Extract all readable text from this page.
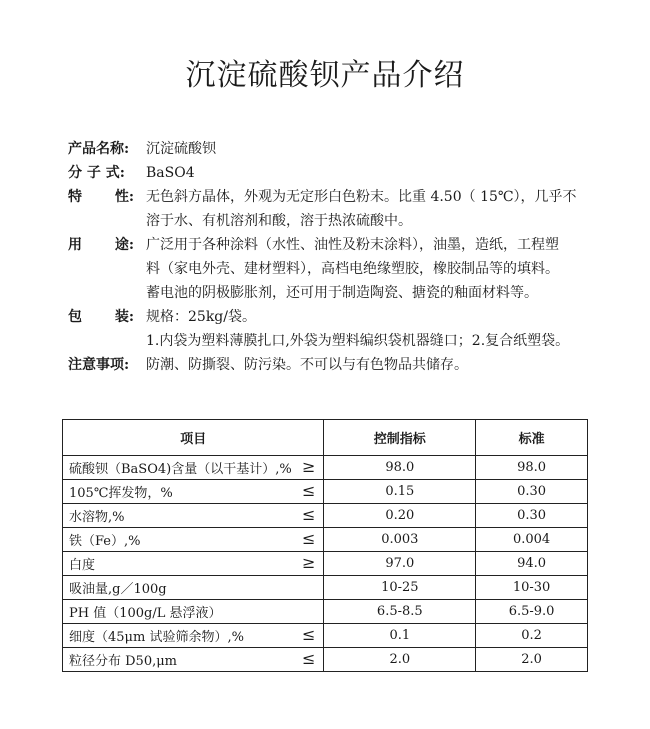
沉淀硫酸钡产品介绍
产品名称:	沉淀硫酸钡
分 子 式:	BaSO4
特 性: 无色斜方晶体，外观为无定形白色粉末。比重 4.50（ 15℃），几乎不
溶于水、有机溶剂和酸，溶于热浓硫酸中。
用 途: 广泛用于各种涂料（水性、油性及粉末涂料），油墨，造纸，工程塑
料（家电外壳、建材塑料），高档电绝缘塑胶，橡胶制品等的填料。
蓄电池的阴极膨胀剂，还可用于制造陶瓷、搪瓷的釉面材料等。
包 装: 规格：25kg/袋。
1.内袋为塑料薄膜扎口,外袋为塑料编织袋机器缝口；2.复合纸塑袋。
注意事项:	防潮、防撕裂、防污染。不可以与有色物品共储存。
项目	控制指标	标准
硫酸钡（BaSO4)含量（以干基计）,% ≥	98.0	98.0
105℃挥发物，% ≤	0.15	0.30
水溶物,% ≤	0.20	0.30
铁（Fe）,% ≤	0.003	0.004
白度 ≥	97.0	94.0
吸油量,g／100g	10-25	10-30
PH 值（100g/L 悬浮液）	6.5-8.5	6.5-9.0
细度（45μm 试验筛余物）,% ≤	0.1	0.2
粒径分布 D50,μm ≤	2.0	2.0
